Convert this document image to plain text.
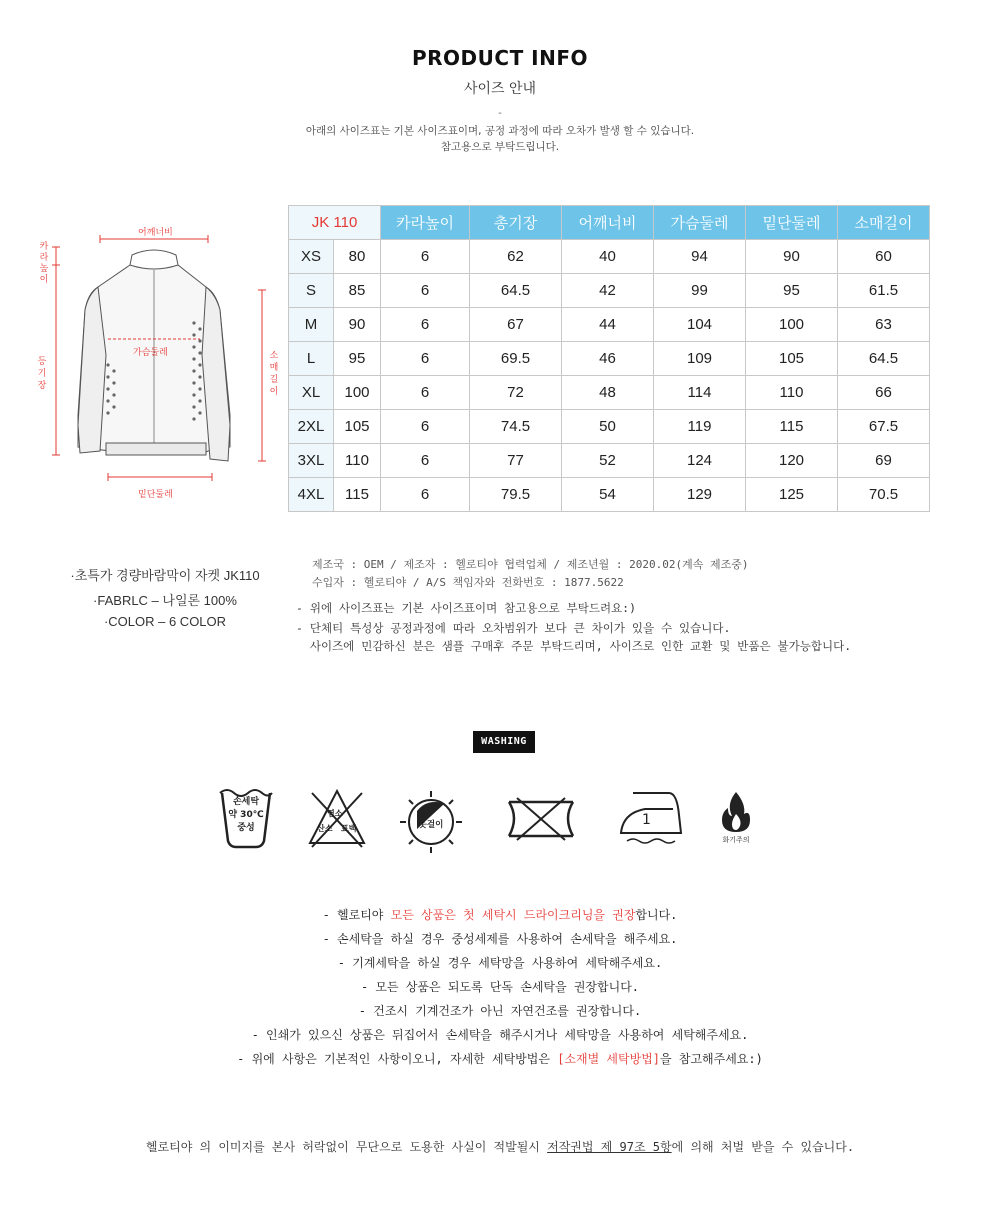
PRODUCT INFO
사이즈 안내
-
아래의 사이즈표는 기본 사이즈표이며, 공정 과정에 따라 오차가 발생 할 수 있습니다.
참고용으로 부탁드립니다.
어깨너비
카
라
높
이
등
기
장
가슴둘레	소
매
길
이
밑단둘레
JK 110		카라높이	총기장	어깨너비	가슴둘레	밑단둘레	소매길이
XS	80	6	62	40	94	90	60
S	85	6	64.5	42	99	95	61.5
M	90	6	67	44	104	100	63
L	95	6	69.5	46	109	105	64.5
XL	100	6	72	48	114	110	66
2XL	105	6	74.5	50	119	115	67.5
3XL	110	6	77	52	124	120	69
4XL	115	6	79.5	54	129	125	70.5
·초특가 경량바람막이 자켓 JK110
·FABRLC – 나일론 100%
·COLOR – 6 COLOR
제조국 : OEM / 제조자 : 헬로티야 협력업체 / 제조년월 : 2020.02(계속 제조중)
수입자 : 헬로티야 / A/S 책임자와 전화번호 : 1877.5622
- 위에 사이즈표는 기본 사이즈표이며 참고용으로 부탁드려요:)
- 단체티 특성상 공정과정에 따라 오차범위가 보다 큰 차이가 있을 수 있습니다.
사이즈에 민감하신 분은 샘플 구매후 주문 부탁드리며, 사이즈로 인한 교환 및 반품은 불가능합니다.
WASHING
손세탁
약 30℃
중성
염소
산소 표백	옷걸이	1
화기주의
- 헬로티야 모든 상품은 첫 세탁시 드라이크리닝을 권장합니다.
- 손세탁을 하실 경우 중성세제를 사용하여 손세탁을 해주세요.
- 기계세탁을 하실 경우 세탁망을 사용하여 세탁해주세요.
- 모든 상품은 되도록 단독 손세탁을 권장합니다.
- 건조시 기계건조가 아닌 자연건조를 권장합니다.
- 인쇄가 있으신 상품은 뒤집어서 손세탁을 해주시거나 세탁망을 사용하여 세탁해주세요.
- 위에 사항은 기본적인 사항이오니, 자세한 세탁방법은 [소재별 세탁방법]을 참고해주세요:)
헬로티야 의 이미지를 본사 허락없이 무단으로 도용한 사실이 적발될시 저작권법 제 97조 5항에 의해 처벌 받을 수 있습니다.
